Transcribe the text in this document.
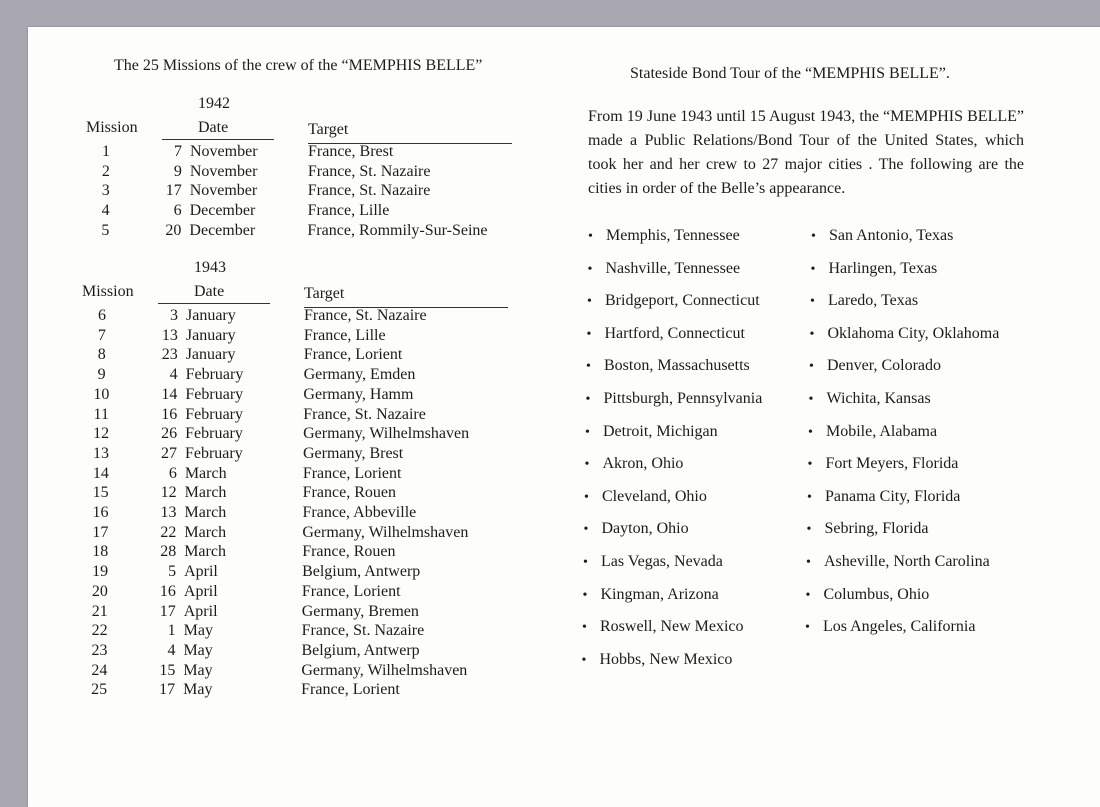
The 25 Missions of the crew of the “MEMPHIS BELLE”	Stateside Bond Tour of the “MEMPHIS BELLE”.
1942
Mission	Date	Target
1	7 November	France, Brest
2	9 November	France, St. Nazaire
3	17 November	France, St. Nazaire
4	6 December	France, Lille
5	20 December	France, Rommily-Sur-Seine
1943
Mission	Date	Target
6	3 January	France, St. Nazaire
7	13 January	France, Lille
8	23 January	France, Lorient
9	4 February	Germany, Emden
10	14 February	Germany, Hamm
11	16 February	France, St. Nazaire
12	26 February	Germany, Wilhelmshaven
13	27 February	Germany, Brest
14	6 March	France, Lorient
15	12 March	France, Rouen
16	13 March	France, Abbeville
17	22 March	Germany, Wilhelmshaven
18	28 March	France, Rouen
19	5 April	Belgium, Antwerp
20	16 April	France, Lorient
21	17 April	Germany, Bremen
22	1 May	France, St. Nazaire
23	4 May	Belgium, Antwerp
24	15 May	Germany, Wilhelmshaven
25	17 May	France, Lorient
From 19 June 1943 until 15 August 1943, the “MEMPHIS BELLE” made a Public Relations/Bond Tour of the United States, which took her and her crew to 27 major cities . The following are the cities in order of the Belle’s appearance.
• Memphis, Tennessee
• Nashville, Tennessee
• Bridgeport, Connecticut
• Hartford, Connecticut
• Boston, Massachusetts
• Pittsburgh, Pennsylvania
• Detroit, Michigan
• Akron, Ohio
• Cleveland, Ohio
• Dayton, Ohio
• Las Vegas, Nevada
• Kingman, Arizona
• Roswell, New Mexico
• Hobbs, New Mexico
• San Antonio, Texas
• Harlingen, Texas
• Laredo, Texas
• Oklahoma City, Oklahoma
• Denver, Colorado
• Wichita, Kansas
• Mobile, Alabama
• Fort Meyers, Florida
• Panama City, Florida
• Sebring, Florida
• Asheville, North Carolina
• Columbus, Ohio
• Los Angeles, California
